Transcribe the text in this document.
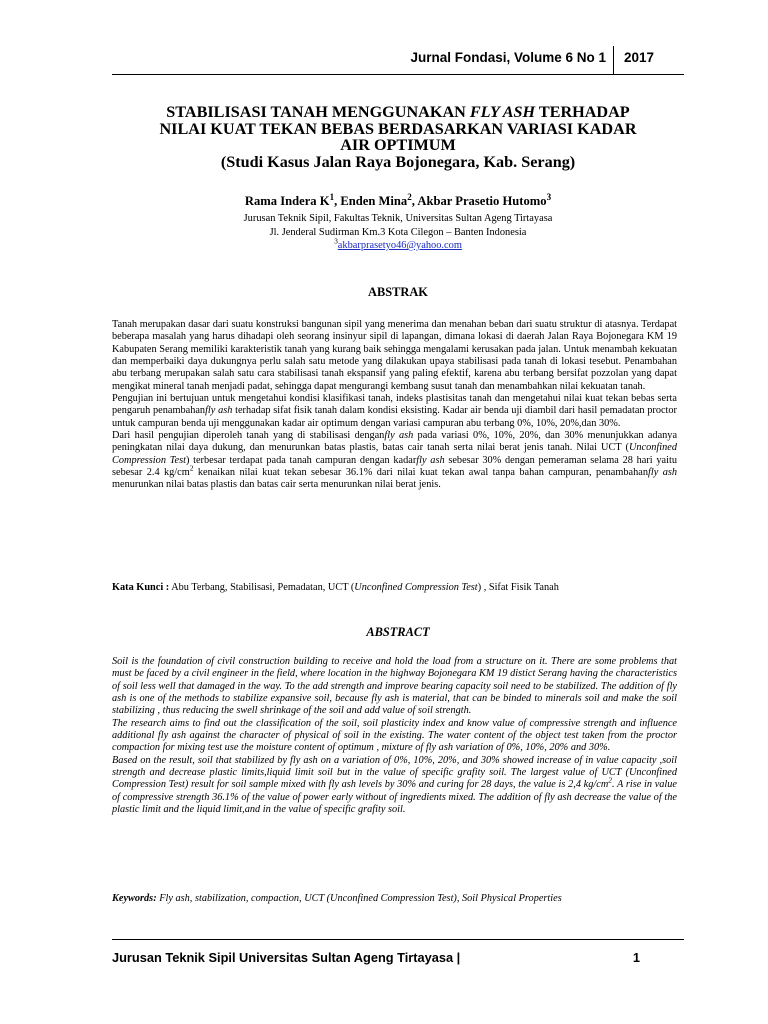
Jurnal Fondasi, Volume 6 No 1 2017
STABILISASI TANAH MENGGUNAKAN FLY ASH TERHADAP
NILAI KUAT TEKAN BEBAS BERDASARKAN VARIASI KADAR
AIR OPTIMUM
(Studi Kasus Jalan Raya Bojonegara, Kab. Serang)
Rama Indera $K^1$, Enden Mina$^2$, Akbar Prasetio Hutomo$^3$
Jurusan Teknik Sipil, Fakultas Teknik, Universitas Sultan Ageng Tirtayasa
Jl. Jenderal Sudirman Km.3 Kota Cilegon – Banten Indonesia
$^3$akbarprasetyo46@yahoo.com
ABSTRAK

Tanah merupakan dasar dari suatu konstruksi bangunan sipil yang menerima dan menahan beban dari suatu struktur di atasnya. Terdapat beberapa masalah yang harus dihadapi oleh seorang insinyur sipil di lapangan, dimana lokasi di daerah Jalan Raya Bojonegara KM 19 Kabupaten Serang memiliki karakteristik tanah yang kurang baik sehingga mengalami kerusakan pada jalan. Untuk menambah kekuatan dan memperbaiki daya dukungnya perlu salah satu metode yang dilakukan upaya stabilisasi pada tanah di lokasi tesebut. Penambahan abu terbang merupakan salah satu cara stabilisasi tanah ekspansif yang paling efektif, karena abu terbang bersifat pozzolan yang dapat mengikat mineral tanah menjadi padat, sehingga dapat mengurangi kembang susut tanah dan menambahkan nilai kekuatan tanah.

Pengujian ini bertujuan untuk mengetahui kondisi klasifikasi tanah, indeks plastisitas tanah dan mengetahui nilai kuat tekan bebas serta pengaruh penambahanfly ash terhadap sifat fisik tanah dalam kondisi eksisting. Kadar air benda uji diambil dari hasil pemadatan proctor untuk campuran benda uji menggunakan kadar air optimum dengan variasi campuran abu terbang 0%, 10%, 20%,dan 30%.

Dari hasil pengujian diperoleh tanah yang di stabilisasi denganfly ash pada variasi 0%, 10%, 20%, dan 30% menunjukkan adanya peningkatan nilai daya dukung, dan menurunkan batas plastis, batas cair tanah serta nilai berat jenis tanah. Nilai UCT (Unconfined Compression Test) terbesar terdapat pada tanah campuran dengan kadarfly ash sebesar 30% dengan pemeraman selama 28 hari yaitu sebesar 2.4 $kg/cm^2$ kenaikan nilai kuat tekan sebesar 36.1% dari nilai kuat tekan awal tanpa bahan campuran, penambahanfly ash menurunkan nilai batas plastis dan batas cair serta menurunkan nilai berat jenis.

Kata Kunci : Abu Terbang, Stabilisasi, Pemadatan, UCT (Unconfined Compression Test) , Sifat Fisik Tanah

ABSTRACT

Soil is the foundation of civil construction building to receive and hold the load from a structure on it. There are some problems that must be faced by a civil engineer in the field, where location in the highway Bojonegara KM 19 distict Serang having the characteristics of soil less well that damaged in the way. To the add strength and improve bearing capacity soil need to be stabilized. The addition of fly ash is one of the methods to stabilize expansive soil, because fly ash is material, that can be binded to minerals soil and make the soil stabilizing , thus reducing the swell shrinkage of the soil and add value of soil strength.

The research aims to find out the classification of the soil, soil plasticity index and know value of compressive strength and influence additional fly ash against the character of physical of soil in the existing. The water content of the object test taken from the proctor compaction for mixing test use the moisture content of optimum , mixture of fly ash variation of 0%, 10%, 20% and 30%.

Based on the result, soil that stabilized by fly ash on a variation of 0%, 10%, 20%, and 30% showed increase of in value capacity ,soil strength and decrease plastic limits,liquid limit soil but in the value of specific grafity soil. The largest value of UCT (Unconfined Compression Test) result for soil sample mixed with fly ash levels by 30% and curing for 28 days, the value is 2,4 $kg/cm^2$. A rise in value of compressive strength 36.1% of the value of power early without of ingredients mixed. The addition of fly ash decrease the value of the plastic limit and the liquid limit,and in the value of specific grafity soil.

Keywords: Fly ash, stabilization, compaction, UCT (Unconfined Compression Test), Soil Physical Properties

Jurusan Teknik Sipil Universitas Sultan Ageng Tirtayasa |	1
